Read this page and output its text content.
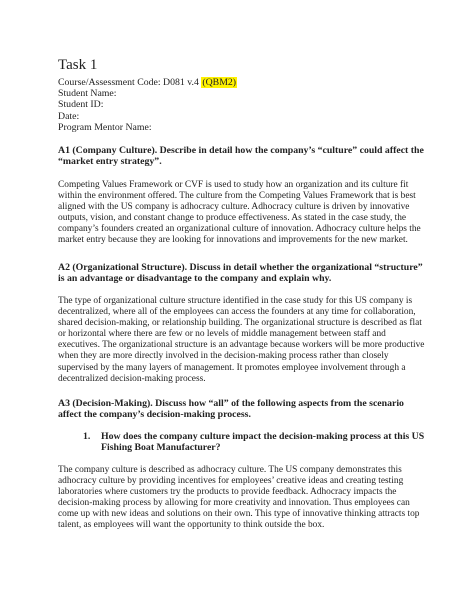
Task 1
Course/Assessment Code: D081 v.4 (QBM2)
Student Name:
Student ID:
Date:
Program Mentor Name:
A1 (Company Culture). Describe in detail how the company’s “culture” could affect the “market entry strategy”.
Competing Values Framework or CVF is used to study how an organization and its culture fit within the environment offered. The culture from the Competing Values Framework that is best aligned with the US company is adhocracy culture. Adhocracy culture is driven by innovative outputs, vision, and constant change to produce effectiveness. As stated in the case study, the company’s founders created an organizational culture of innovation. Adhocracy culture helps the market entry because they are looking for innovations and improvements for the new market.
A2 (Organizational Structure). Discuss in detail whether the organizational “structure” is an advantage or disadvantage to the company and explain why.
The type of organizational culture structure identified in the case study for this US company is decentralized, where all of the employees can access the founders at any time for collaboration, shared decision-making, or relationship building. The organizational structure is described as flat or horizontal where there are few or no levels of middle management between staff and executives. The organizational structure is an advantage because workers will be more productive when they are more directly involved in the decision-making process rather than closely supervised by the many layers of management. It promotes employee involvement through a decentralized decision-making process.
A3 (Decision-Making). Discuss how “all” of the following aspects from the scenario affect the company’s decision-making process.
1. How does the company culture impact the decision-making process at this US Fishing Boat Manufacturer?
The company culture is described as adhocracy culture. The US company demonstrates this adhocracy culture by providing incentives for employees’ creative ideas and creating testing laboratories where customers try the products to provide feedback. Adhocracy impacts the decision-making process by allowing for more creativity and innovation. Thus employees can come up with new ideas and solutions on their own. This type of innovative thinking attracts top talent, as employees will want the opportunity to think outside the box.
